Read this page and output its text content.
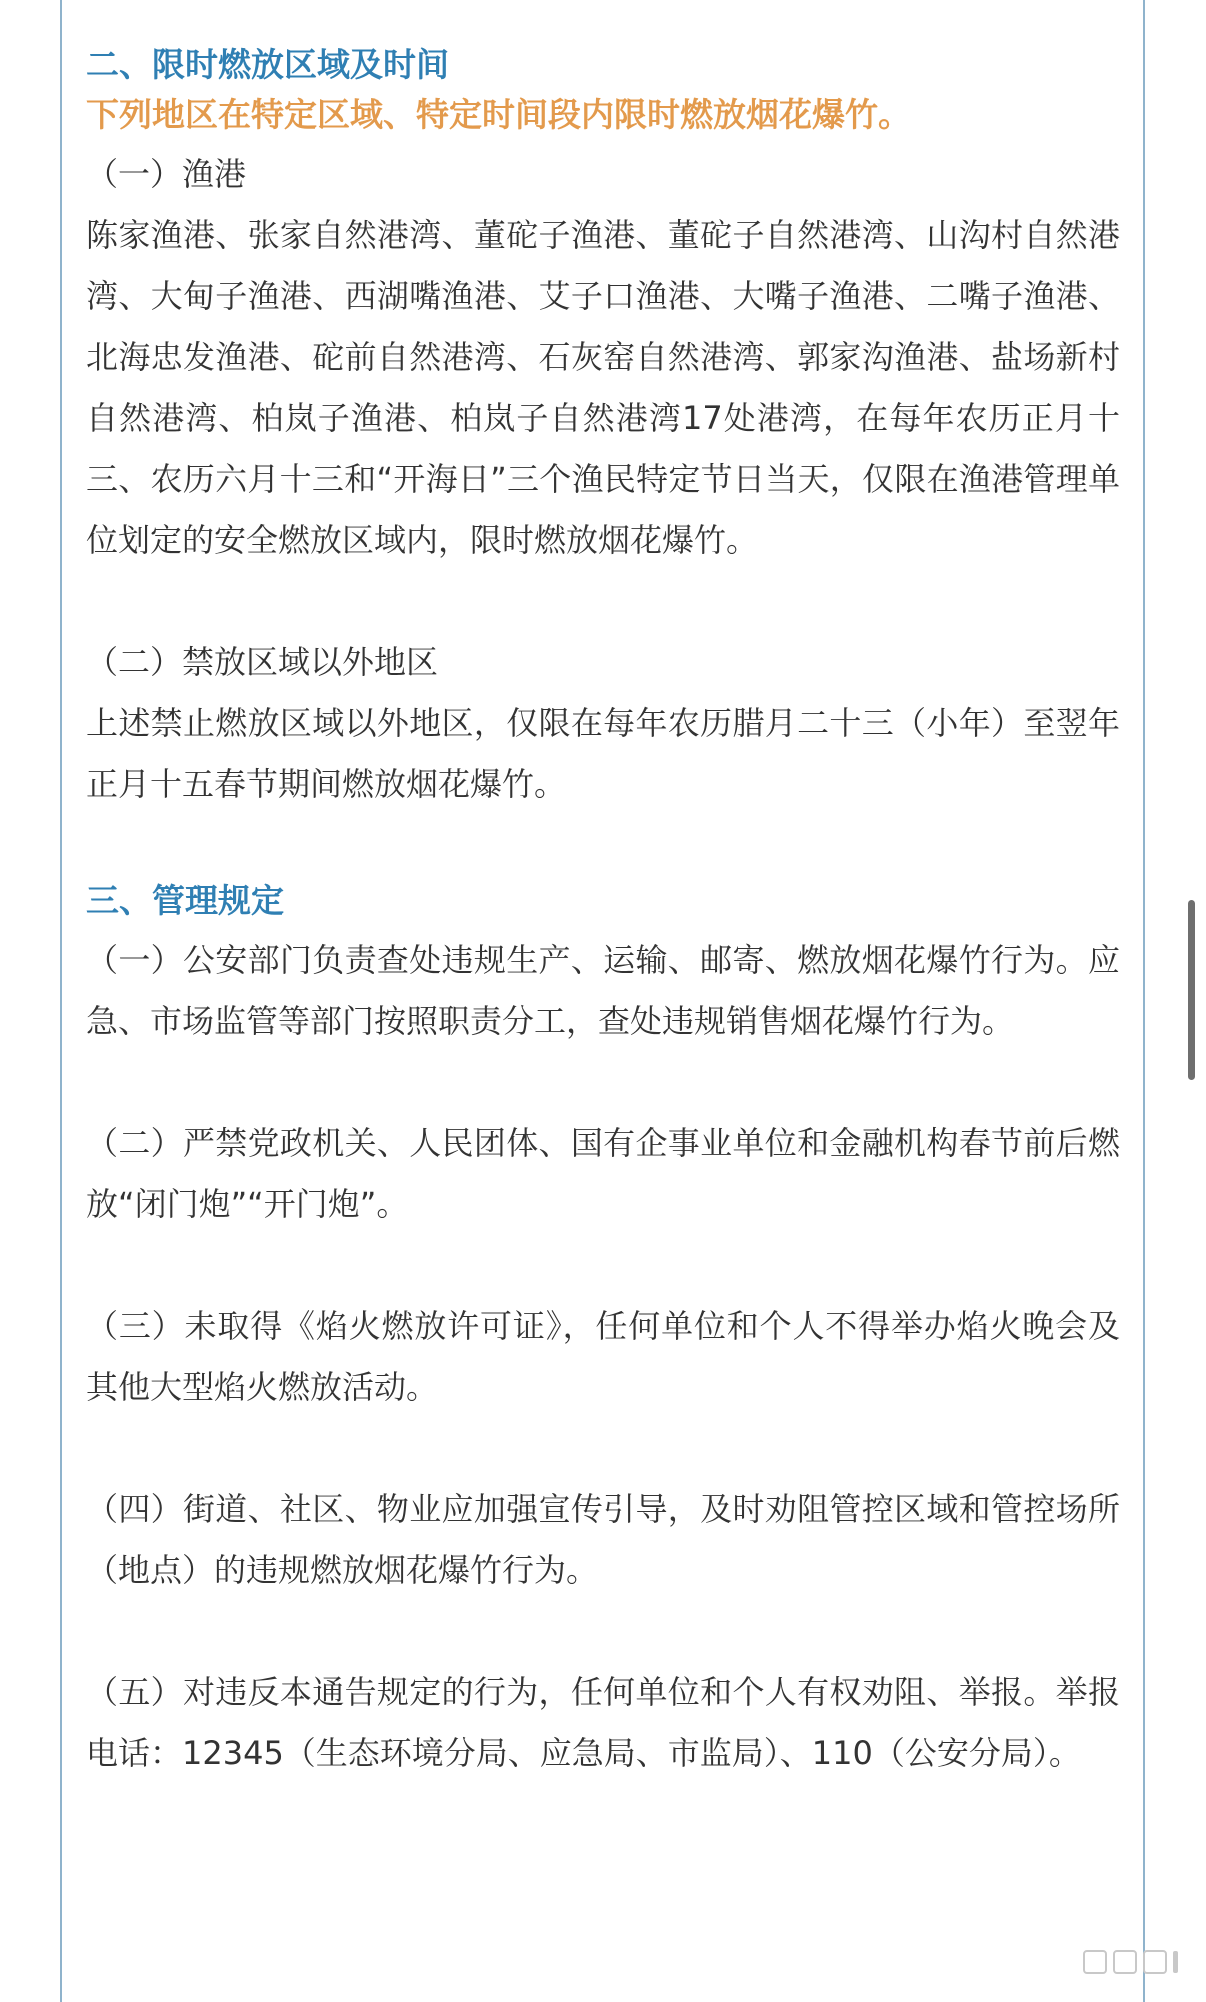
二、限时燃放区域及时间

下列地区在特定区域、特定时间段内限时燃放烟花爆竹。

（一）渔港

陈家渔港、张家自然港湾、董砣子渔港、董砣子自然港湾、山沟村自然港湾、大甸子渔港、西湖嘴渔港、艾子口渔港、大嘴子渔港、二嘴子渔港、北海忠发渔港、砣前自然港湾、石灰窑自然港湾、郭家沟渔港、盐场新村自然港湾、柏岚子渔港、柏岚子自然港湾17处港湾，在每年农历正月十三、农历六月十三和“开海日”三个渔民特定节日当天，仅限在渔港管理单位划定的安全燃放区域内，限时燃放烟花爆竹。

（二）禁放区域以外地区

上述禁止燃放区域以外地区，仅限在每年农历腊月二十三（小年）至翌年正月十五春节期间燃放烟花爆竹。

三、管理规定

（一）公安部门负责查处违规生产、运输、邮寄、燃放烟花爆竹行为。应急、市场监管等部门按照职责分工，查处违规销售烟花爆竹行为。

（二）严禁党政机关、人民团体、国有企事业单位和金融机构春节前后燃放“闭门炮”“开门炮”。

（三）未取得《焰火燃放许可证》，任何单位和个人不得举办焰火晚会及其他大型焰火燃放活动。

（四）街道、社区、物业应加强宣传引导，及时劝阻管控区域和管控场所（地点）的违规燃放烟花爆竹行为。

（五）对违反本通告规定的行为，任何单位和个人有权劝阻、举报。举报电话：12345（生态环境分局、应急局、市监局）、110（公安分局）。
